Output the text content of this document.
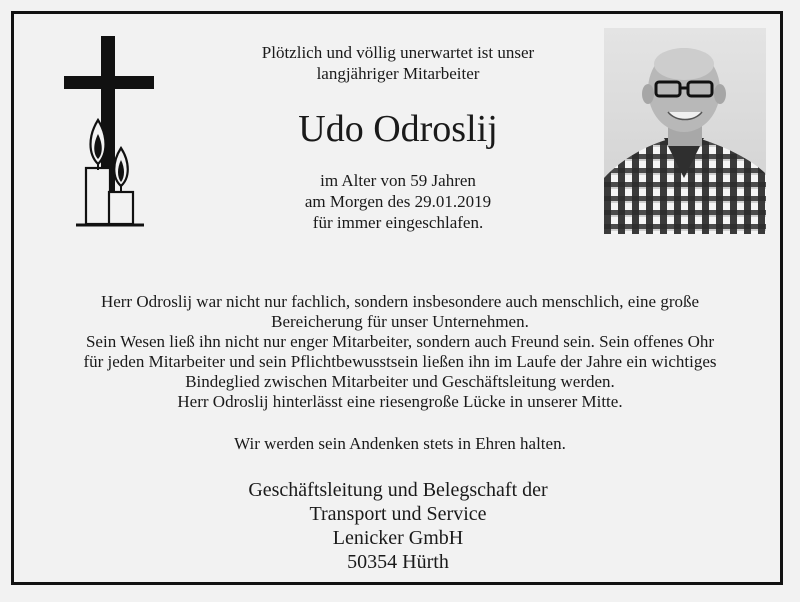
Plötzlich und völlig unerwartet ist unser
langjähriger Mitarbeiter
Udo Odroslij
im Alter von 59 Jahren
am Morgen des 29.01.2019
für immer eingeschlafen.
Herr Odroslij war nicht nur fachlich, sondern insbesondere auch menschlich, eine große
Bereicherung für unser Unternehmen.
Sein Wesen ließ ihn nicht nur enger Mitarbeiter, sondern auch Freund sein. Sein offenes Ohr
für jeden Mitarbeiter und sein Pflichtbewusstsein ließen ihn im Laufe der Jahre ein wichtiges
Bindeglied zwischen Mitarbeiter und Geschäftsleitung werden.
Herr Odroslij hinterlässt eine riesengroße Lücke in unserer Mitte.
Wir werden sein Andenken stets in Ehren halten.
Geschäftsleitung und Belegschaft der
Transport und Service
Lenicker GmbH
50354 Hürth
